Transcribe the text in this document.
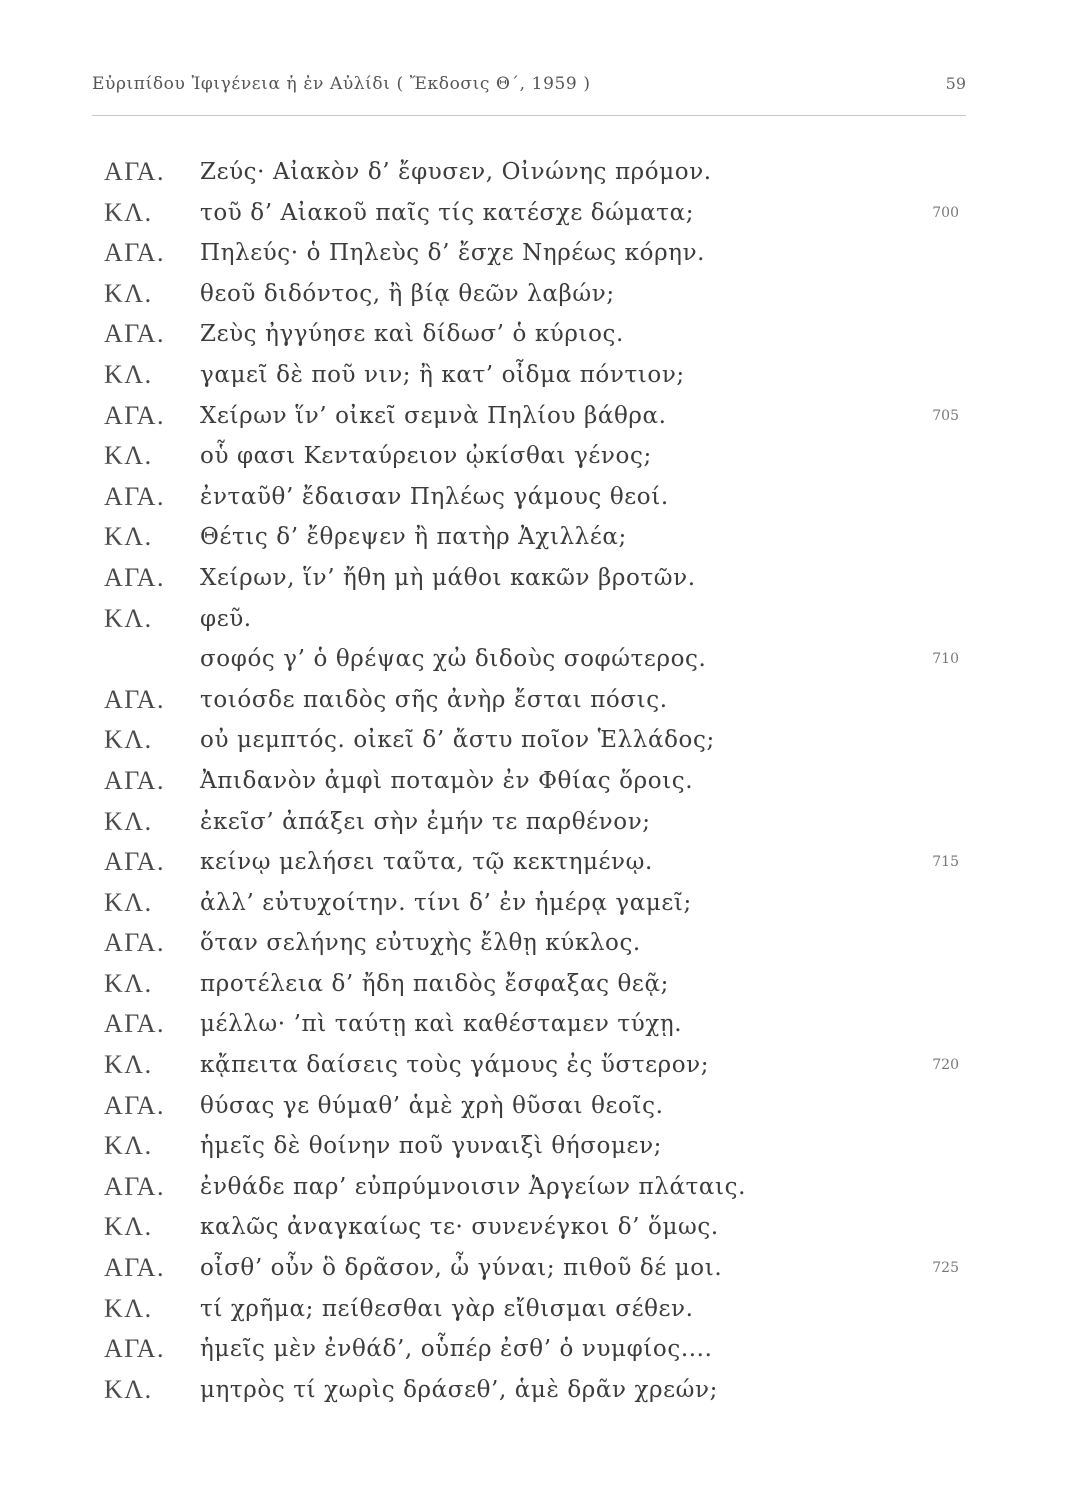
Εὐριπίδου Ἰφιγένεια ἡ ἐν Αὐλίδι ( Ἔκδοσις Θ΄, 1959 )	59
ΑΓΑ. Ζεύς· Αἰακὸν δ’ ἔφυσεν, Οἰνώνης πρόμον.
ΚΛ. τοῦ δ’ Αἰακοῦ παῖς τίς κατέσχε δώματα;	700
ΑΓΑ. Πηλεύς· ὁ Πηλεὺς δ’ ἔσχε Νηρέως κόρην.
ΚΛ. θεοῦ διδόντος, ἢ βίᾳ θεῶν λαβών;
ΑΓΑ. Ζεὺς ἠγγύησε καὶ δίδωσ’ ὁ κύριος.
ΚΛ. γαμεῖ δὲ ποῦ νιν; ἢ κατ’ οἶδμα πόντιον;
ΑΓΑ. Χείρων ἵν’ οἰκεῖ σεμνὰ Πηλίου βάθρα.	705
ΚΛ. οὗ φασι Κενταύρειον ᾠκίσθαι γένος;
ΑΓΑ. ἐνταῦθ’ ἔδαισαν Πηλέως γάμους θεοί.
ΚΛ. Θέτις δ’ ἔθρεψεν ἢ πατὴρ Ἀχιλλέα;
ΑΓΑ. Χείρων, ἵν’ ἤθη μὴ μάθοι κακῶν βροτῶν.
ΚΛ. φεῦ.
σοφός γ’ ὁ θρέψας χὠ διδοὺς σοφώτερος.	710
ΑΓΑ. τοιόσδε παιδὸς σῆς ἀνὴρ ἔσται πόσις.
ΚΛ. οὐ μεμπτός. οἰκεῖ δ’ ἄστυ ποῖον Ἑλλάδος;
ΑΓΑ. Ἀπιδανὸν ἀμφὶ ποταμὸν ἐν Φθίας ὅροις.
ΚΛ. ἐκεῖσ’ ἀπάξει σὴν ἐμήν τε παρθένον;
ΑΓΑ. κείνῳ μελήσει ταῦτα, τῷ κεκτημένῳ.	715
ΚΛ. ἀλλ’ εὐτυχοίτην. τίνι δ’ ἐν ἡμέρᾳ γαμεῖ;
ΑΓΑ. ὅταν σελήνης εὐτυχὴς ἔλθῃ κύκλος.
ΚΛ. προτέλεια δ’ ἤδη παιδὸς ἔσφαξας θεᾷ;
ΑΓΑ. μέλλω· ’πὶ ταύτῃ καὶ καθέσταμεν τύχῃ.
ΚΛ. κᾄπειτα δαίσεις τοὺς γάμους ἐς ὕστερον;	720
ΑΓΑ. θύσας γε θύμαθ’ ἁμὲ χρὴ θῦσαι θεοῖς.
ΚΛ. ἡμεῖς δὲ θοίνην ποῦ γυναιξὶ θήσομεν;
ΑΓΑ. ἐνθάδε παρ’ εὐπρύμνοισιν Ἀργείων πλάταις.
ΚΛ. καλῶς ἀναγκαίως τε· συνενέγκοι δ’ ὅμως.
ΑΓΑ. οἶσθ’ οὖν ὃ δρᾶσον, ὦ γύναι; πιθοῦ δέ μοι.	725
ΚΛ. τί χρῆμα; πείθεσθαι γὰρ εἴθισμαι σέθεν.
ΑΓΑ. ἡμεῖς μὲν ἐνθάδ’, οὗπέρ ἐσθ’ ὁ νυμφίος....
ΚΛ. μητρὸς τί χωρὶς δράσεθ’, ἁμὲ δρᾶν χρεών;
